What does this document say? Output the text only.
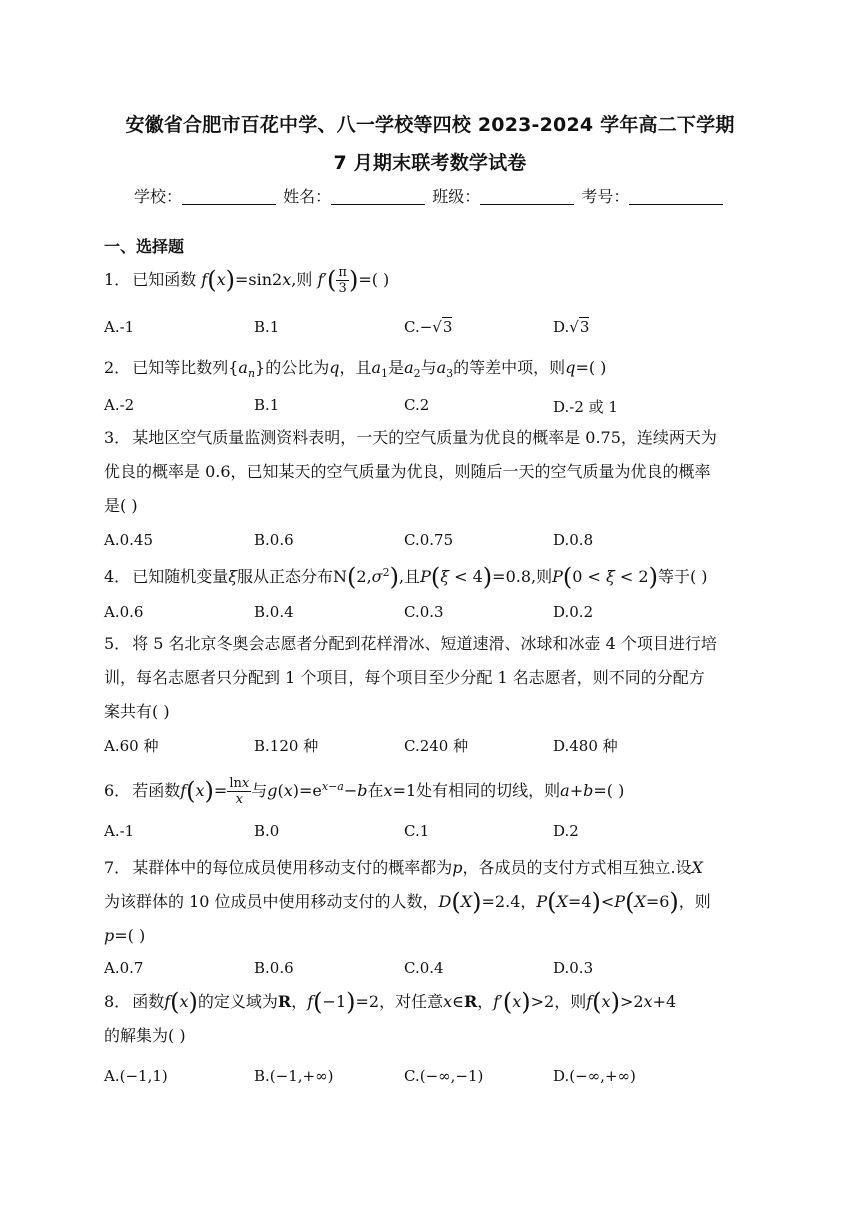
安徽省合肥市百花中学、八一学校等四校 2023-2024 学年高二下学期
7 月期末联考数学试卷
学校：	姓名：	班级：	考号：
一、选择题
1． 已知函数 f(x)=sin2x,则 $f'( \frac{\pi}{3}$ )=( )
A.-1	B.1	C.−√3	D.√3
2． 已知等比数列$\{a_n\}$的公比为q，且$a_1$是$a_2$与$a_3$的等差中项，则q=( )
A.-2	B.1	C.2	D.-2 或 1
3． 某地区空气质量监测资料表明，一天的空气质量为优良的概率是 0.75，连续两天为
优良的概率是 0.6，已知某天的空气质量为优良，则随后一天的空气质量为优良的概率
是( )
A.0.45	B.0.6	C.0.75	D.0.8
4． 已知随机变量ξ服从正态分布$N(2,\sigma^2)$,且P(ξ < 4)=0.8,则P(0 < ξ < 2)等于( )
A.0.6	B.0.4	C.0.3	D.0.2
5． 将 5 名北京冬奥会志愿者分配到花样滑冰、短道速滑、冰球和冰壶 4 个项目进行培
训，每名志愿者只分配到 1 个项目，每个项目至少分配 1 名志愿者，则不同的分配方
案共有( )
A.60 种	B.120 种	C.240 种	D.480 种
6． 若函数$f(x)= \frac{\ln x}{x}$ 与$g(x)=e^{x-a}-b$在x=1处有相同的切线，则a+b=( )
A.-1	B.0	C.1	D.2
7． 某群体中的每位成员使用移动支付的概率都为p，各成员的支付方式相互独立.设X
为该群体的 10 位成员中使用移动支付的人数，D(X)=2.4，P(X=4)<P(X=6)，则
p=( )
A.0.7	B.0.6	C.0.4	D.0.3
8． 函数f(x)的定义域为R，f(−1)=2，对任意x∈R，f′(x)>2，则f(x)>2x+4
的解集为( )
A.(−1,1)	B.(−1,+∞)	C.(−∞,−1)	D.(−∞,+∞)
